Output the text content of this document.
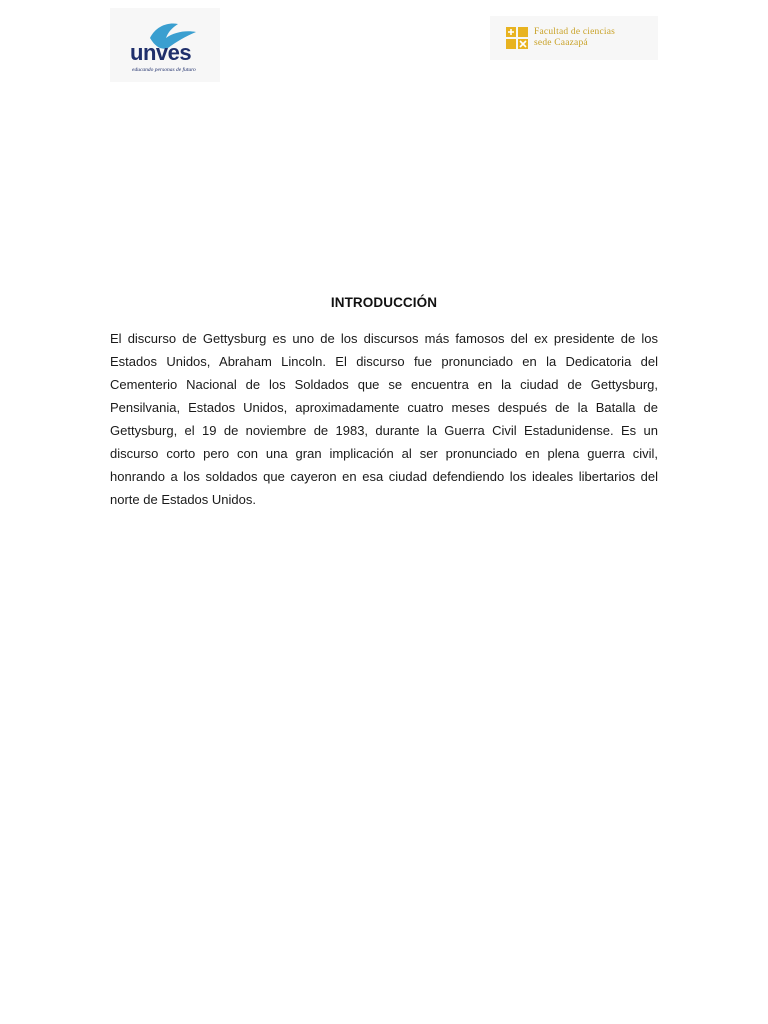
unves
educando personas de futuro
Facultad de ciencias
sede Caazapá
INTRODUCCIÓN
El discurso de Gettysburg es uno de los discursos más famosos del ex presidente de los Estados Unidos, Abraham Lincoln. El discurso fue pronunciado en la Dedicatoria del Cementerio Nacional de los Soldados que se encuentra en la ciudad de Gettysburg, Pensilvania, Estados Unidos, aproximadamente cuatro meses después de la Batalla de Gettysburg, el 19 de noviembre de 1983, durante la Guerra Civil Estadunidense. Es un discurso corto pero con una gran implicación al ser pronunciado en plena guerra civil, honrando a los soldados que cayeron en esa ciudad defendiendo los ideales libertarios del norte de Estados Unidos.
